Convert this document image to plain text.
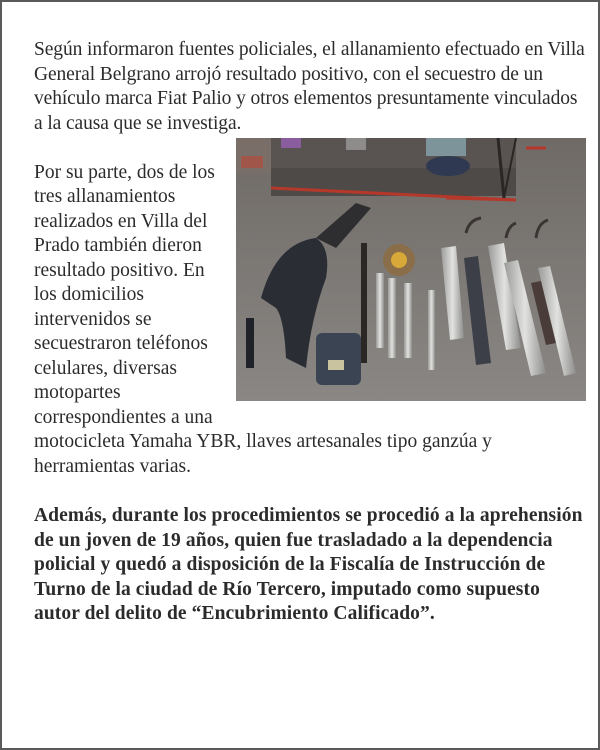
Según informaron fuentes policiales, el allanamiento efectuado en Villa General Belgrano arrojó resultado positivo, con el secuestro de un vehículo marca Fiat Palio y otros elementos presuntamente vinculados a la causa que se investiga.

Por su parte, dos de los tres allanamientos realizados en Villa del Prado también dieron resultado positivo. En los domicilios intervenidos se secuestraron teléfonos celulares, diversas motopartes correspondientes a una motocicleta Yamaha YBR, llaves artesanales tipo ganzúa y herramientas varias.

Además, durante los procedimientos se procedió a la aprehensión de un joven de 19 años, quien fue trasladado a la dependencia policial y quedó a disposición de la Fiscalía de Instrucción de Turno de la ciudad de Río Tercero, imputado como supuesto autor del delito de “Encubrimiento Calificado”.
